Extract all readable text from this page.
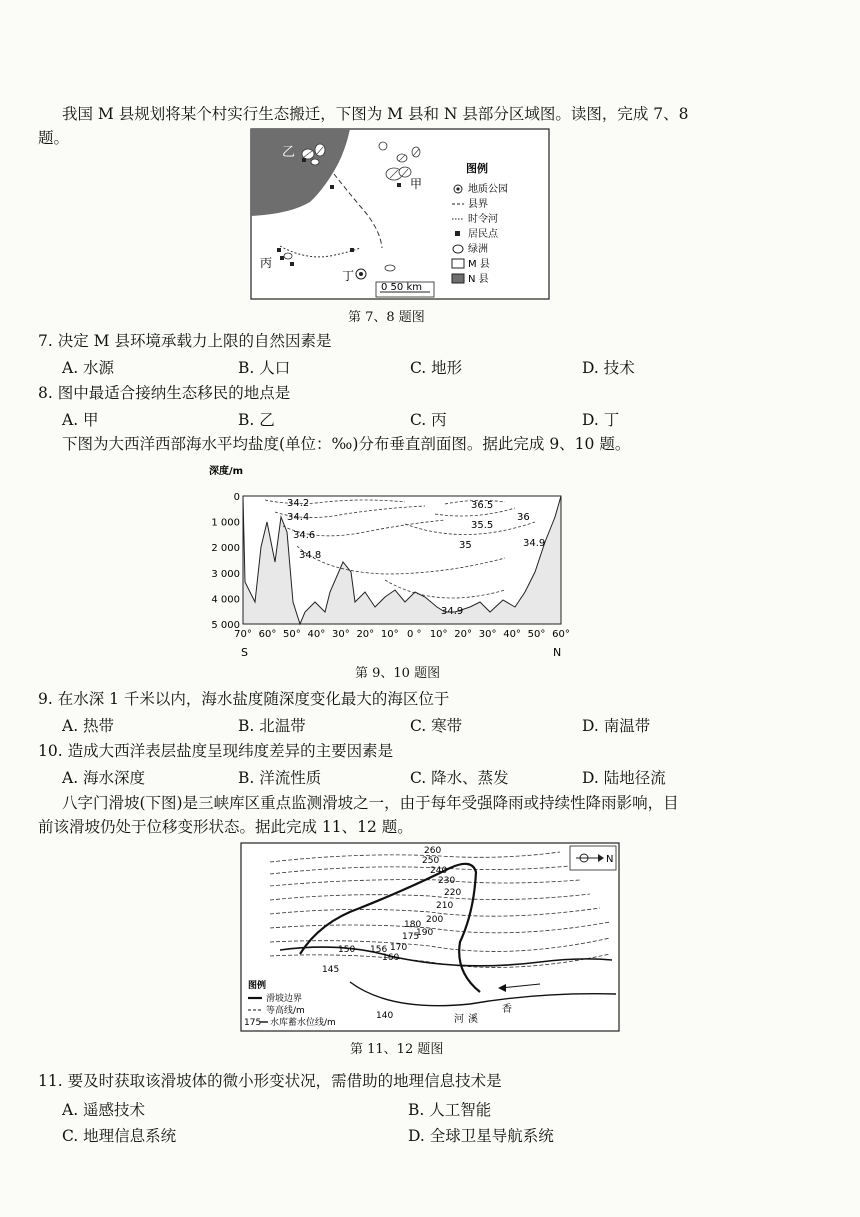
我国 M 县规划将某个村实行生态搬迁，下图为 M 县和 N 县部分区域图。读图，完成 7、8
题。
乙
甲
丙
丁
0 50 km
图例
地质公园
县界
时令河
居民点
绿洲
M 县
N 县
第 7、8 题图
7. 决定 M 县环境承载力上限的自然因素是
A. 水源	B. 人口	C. 地形	D. 技术
8. 图中最适合接纳生态移民的地点是
A. 甲	B. 乙	C. 丙	D. 丁
下图为大西洋西部海水平均盐度(单位：‰)分布垂直剖面图。据此完成 9、10 题。
深度/m
34.2
34.4
34.6
34.8
36.5
36
35.5
35	34.9
34.9
0
1 000
2 000
3 000
4 000
5 000
70° 60° 50° 40° 30° 20° 10° 0 ° 10° 20° 30° 40° 50° 60°
S	N
第 9、10 题图
9. 在水深 1 千米以内，海水盐度随深度变化最大的海区位于
A. 热带	B. 北温带	C. 寒带	D. 南温带
10. 造成大西洋表层盐度呈现纬度差异的主要因素是
A. 海水深度	B. 洋流性质	C. 降水、蒸发	D. 陆地径流
八字门滑坡(下图)是三峡库区重点监测滑坡之一，由于每年受强降雨或持续性降雨影响，目
前该滑坡仍处于位移变形状态。据此完成 11、12 题。
N
260
250
240
230
220
210
200
190
180
175
170
160
156
150
145
140	河 溪
香
图例
滑坡边界
等高线/m
175 水库蓄水位线/m
第 11、12 题图
11. 要及时获取该滑坡体的微小形变状况，需借助的地理信息技术是
A. 遥感技术	B. 人工智能
C. 地理信息系统	D. 全球卫星导航系统
